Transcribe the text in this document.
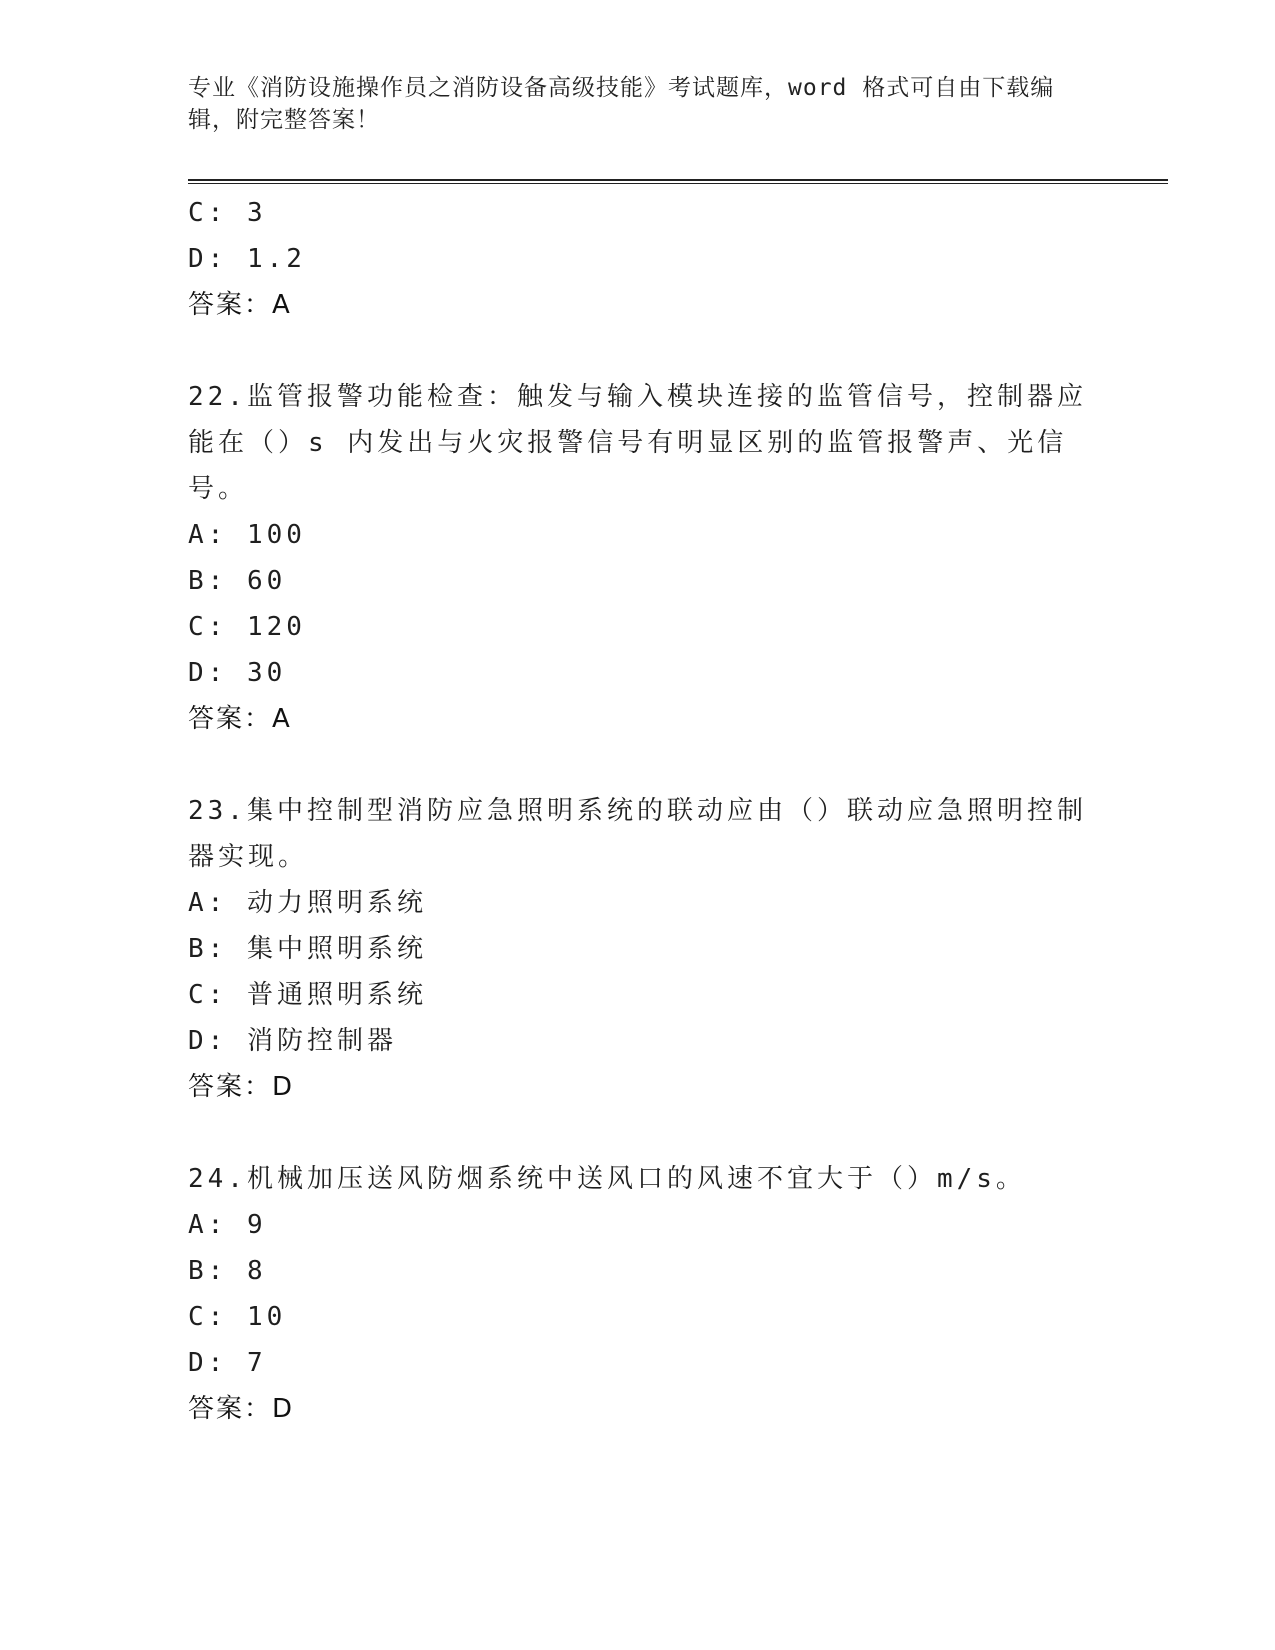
专业《消防设施操作员之消防设备高级技能》考试题库，word 格式可自由下载编辑，附完整答案！
C: 3
D: 1.2
答案：A
22.监管报警功能检查：触发与输入模块连接的监管信号，控制器应能在（）s 内发出与火灾报警信号有明显区别的监管报警声、光信号。
A: 100
B: 60
C: 120
D: 30
答案：A
23.集中控制型消防应急照明系统的联动应由（）联动应急照明控制器实现。
A: 动力照明系统
B: 集中照明系统
C: 普通照明系统
D: 消防控制器
答案：D
24.机械加压送风防烟系统中送风口的风速不宜大于（）m/s。
A: 9
B: 8
C: 10
D: 7
答案：D
